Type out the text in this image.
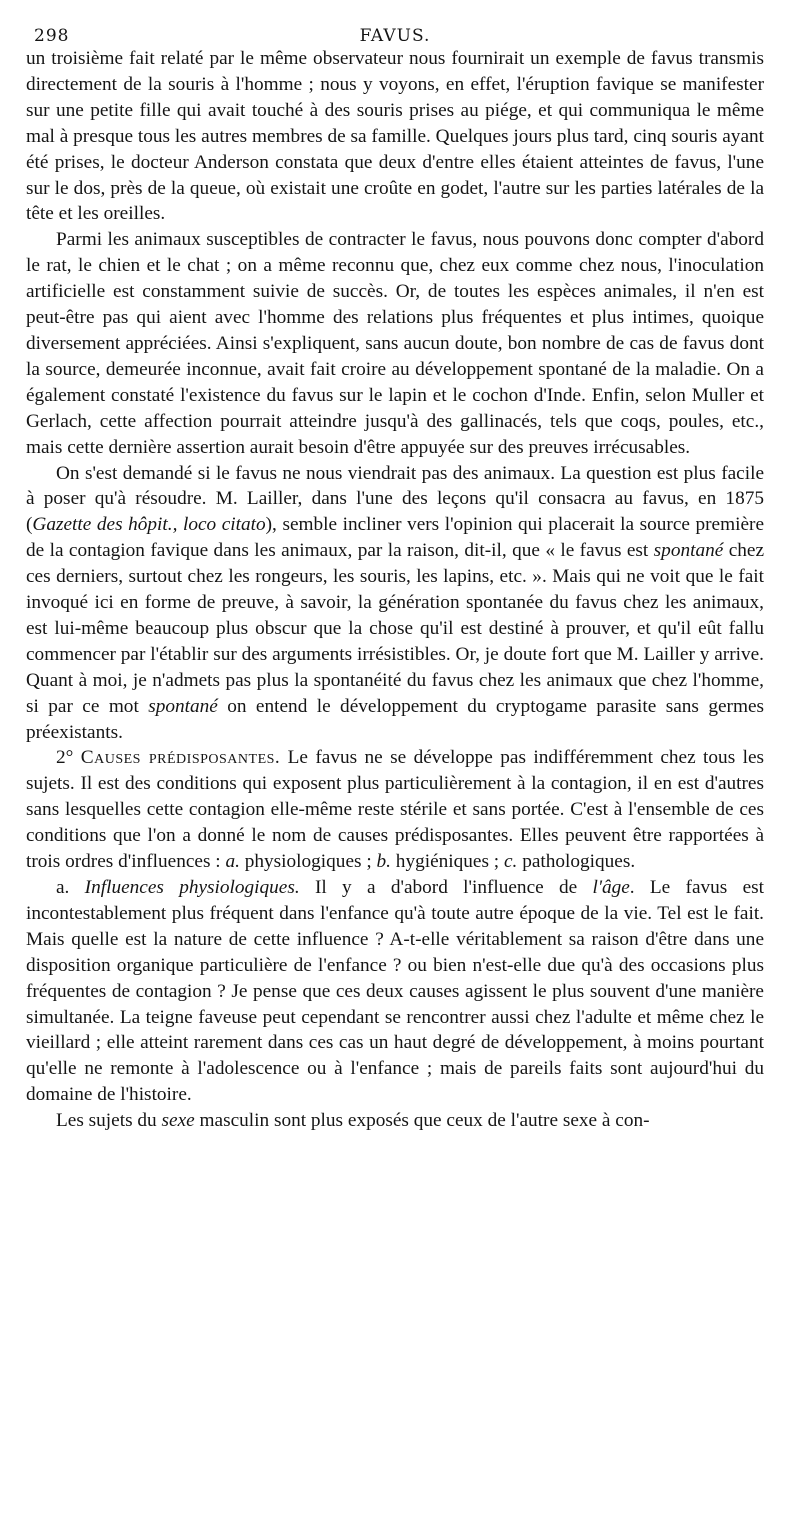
298	FAVUS.

un troisième fait relaté par le même observateur nous fournirait un exemple de favus transmis directement de la souris à l'homme ; nous y voyons, en effet, l'éruption favique se manifester sur une petite fille qui avait touché à des souris prises au piége, et qui communiqua le même mal à presque tous les autres membres de sa famille. Quelques jours plus tard, cinq souris ayant été prises, le docteur Anderson constata que deux d'entre elles étaient atteintes de favus, l'une sur le dos, près de la queue, où existait une croûte en godet, l'autre sur les parties latérales de la tête et les oreilles.

Parmi les animaux susceptibles de contracter le favus, nous pouvons donc compter d'abord le rat, le chien et le chat ; on a même reconnu que, chez eux comme chez nous, l'inoculation artificielle est constamment suivie de succès. Or, de toutes les espèces animales, il n'en est peut-être pas qui aient avec l'homme des relations plus fréquentes et plus intimes, quoique diversement appréciées. Ainsi s'expliquent, sans aucun doute, bon nombre de cas de favus dont la source, demeurée inconnue, avait fait croire au développement spontané de la maladie. On a également constaté l'existence du favus sur le lapin et le cochon d'Inde. Enfin, selon Muller et Gerlach, cette affection pourrait atteindre jusqu'à des gallinacés, tels que coqs, poules, etc., mais cette dernière assertion aurait besoin d'être appuyée sur des preuves irrécusables.

On s'est demandé si le favus ne nous viendrait pas des animaux. La question est plus facile à poser qu'à résoudre. M. Lailler, dans l'une des leçons qu'il consacra au favus, en 1875 (Gazette des hôpit., loco citato), semble incliner vers l'opinion qui placerait la source première de la contagion favique dans les animaux, par la raison, dit-il, que « le favus est spontané chez ces derniers, surtout chez les rongeurs, les souris, les lapins, etc. ». Mais qui ne voit que le fait invoqué ici en forme de preuve, à savoir, la génération spontanée du favus chez les animaux, est lui-même beaucoup plus obscur que la chose qu'il est destiné à prouver, et qu'il eût fallu commencer par l'établir sur des arguments irrésistibles. Or, je doute fort que M. Lailler y arrive. Quant à moi, je n'admets pas plus la spontanéité du favus chez les animaux que chez l'homme, si par ce mot spontané on entend le développement du cryptogame parasite sans germes préexistants.

2° Causes prédisposantes. Le favus ne se développe pas indifféremment chez tous les sujets. Il est des conditions qui exposent plus particulièrement à la contagion, il en est d'autres sans lesquelles cette contagion elle-même reste stérile et sans portée. C'est à l'ensemble de ces conditions que l'on a donné le nom de causes prédisposantes. Elles peuvent être rapportées à trois ordres d'influences : a. physiologiques ; b. hygiéniques ; c. pathologiques.

a. Influences physiologiques. Il y a d'abord l'influence de l'âge. Le favus est incontestablement plus fréquent dans l'enfance qu'à toute autre époque de la vie. Tel est le fait. Mais quelle est la nature de cette influence ? A-t-elle véritablement sa raison d'être dans une disposition organique particulière de l'enfance ? ou bien n'est-elle due qu'à des occasions plus fréquentes de contagion ? Je pense que ces deux causes agissent le plus souvent d'une manière simultanée. La teigne faveuse peut cependant se rencontrer aussi chez l'adulte et même chez le vieillard ; elle atteint rarement dans ces cas un haut degré de développement, à moins pourtant qu'elle ne remonte à l'adolescence ou à l'enfance ; mais de pareils faits sont aujourd'hui du domaine de l'histoire.

Les sujets du sexe masculin sont plus exposés que ceux de l'autre sexe à con-
